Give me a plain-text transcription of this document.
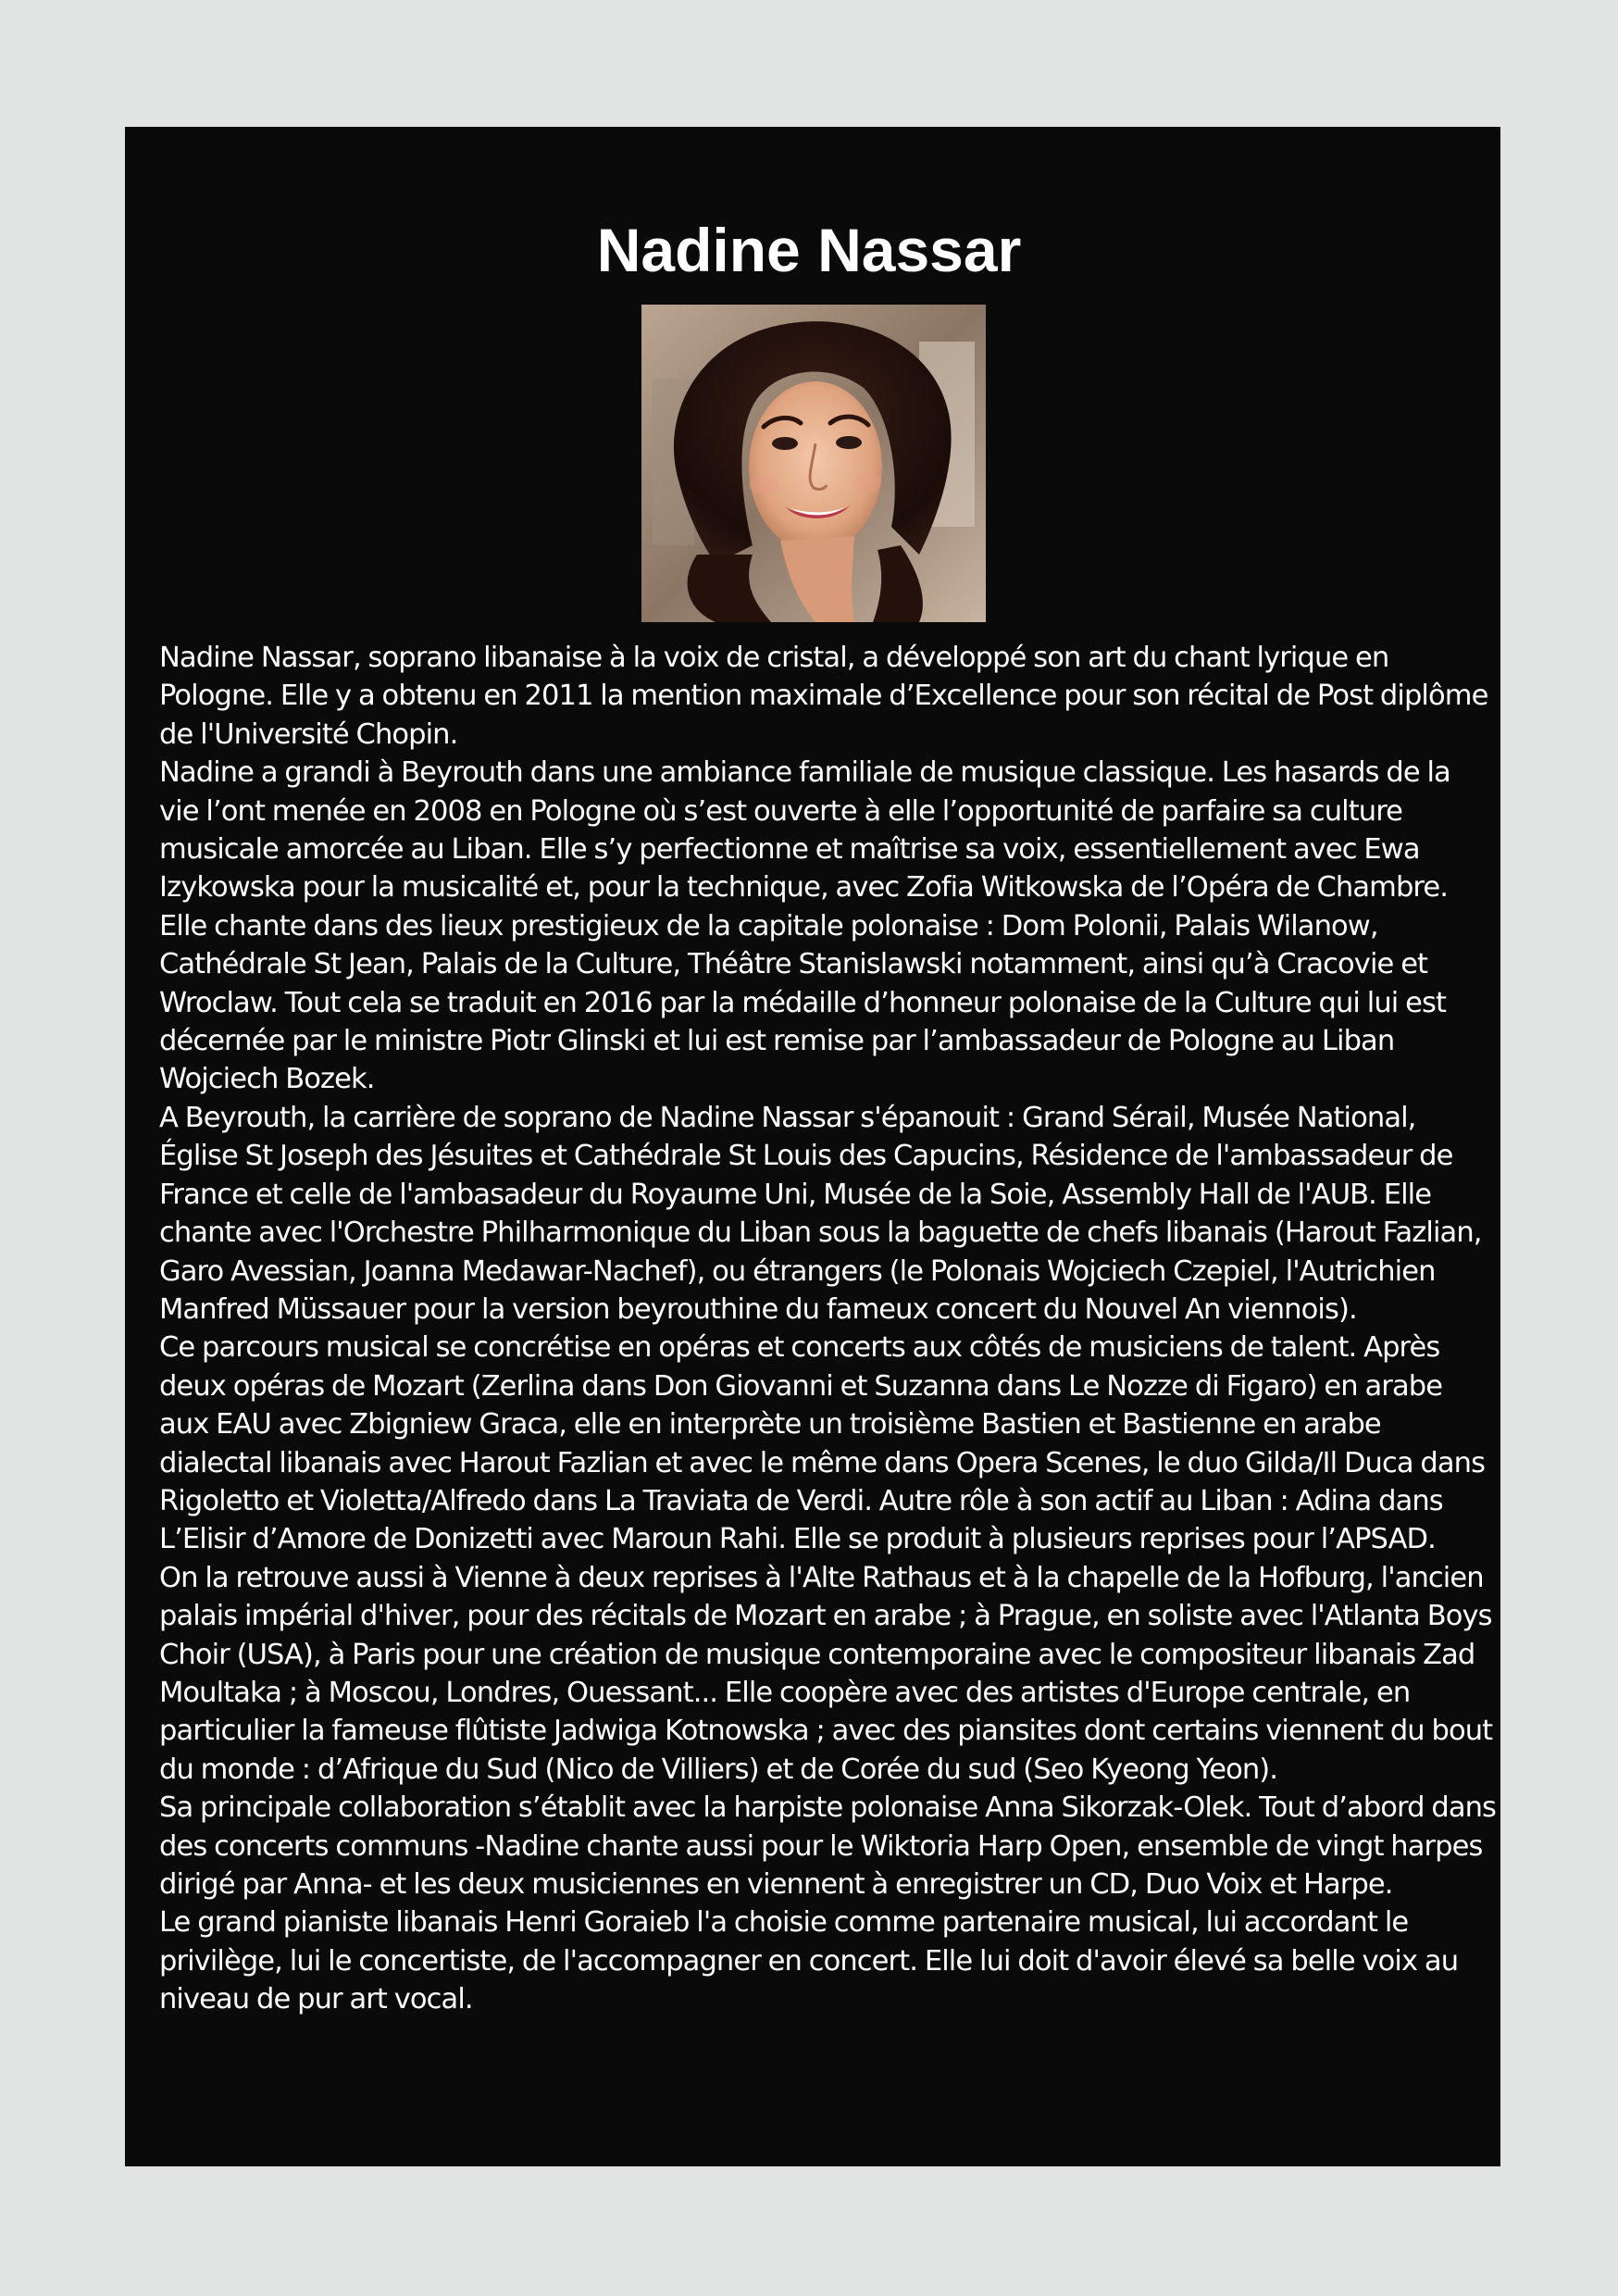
Nadine Nassar

Nadine Nassar, soprano libanaise à la voix de cristal, a développé son art du chant lyrique en Pologne. Elle y a obtenu en 2011 la mention maximale d’Excellence pour son récital de Post diplôme de l'Université Chopin.

Nadine a grandi à Beyrouth dans une ambiance familiale de musique classique. Les hasards de la vie l’ont menée en 2008 en Pologne où s’est ouverte à elle l’opportunité de parfaire sa culture musicale amorcée au Liban. Elle s’y perfectionne et maîtrise sa voix, essentiellement avec Ewa Izykowska pour la musicalité et, pour la technique, avec Zofia Witkowska de l’Opéra de Chambre. Elle chante dans des lieux prestigieux de la capitale polonaise : Dom Polonii, Palais Wilanow, Cathédrale St Jean, Palais de la Culture, Théâtre Stanislawski notamment, ainsi qu’à Cracovie et Wroclaw. Tout cela se traduit en 2016 par la médaille d’honneur polonaise de la Culture qui lui est décernée par le ministre Piotr Glinski et lui est remise par l’ambassadeur de Pologne au Liban Wojciech Bozek.

A Beyrouth, la carrière de soprano de Nadine Nassar s'épanouit : Grand Sérail, Musée National, Église St Joseph des Jésuites et Cathédrale St Louis des Capucins, Résidence de l'ambassadeur de France et celle de l'ambasadeur du Royaume Uni, Musée de la Soie, Assembly Hall de l'AUB. Elle chante avec l'Orchestre Philharmonique du Liban sous la baguette de chefs libanais (Harout Fazlian, Garo Avessian, Joanna Medawar-Nachef), ou étrangers (le Polonais Wojciech Czepiel, l'Autrichien Manfred Müssauer pour la version beyrouthine du fameux concert du Nouvel An viennois).

Ce parcours musical se concrétise en opéras et concerts aux côtés de musiciens de talent. Après deux opéras de Mozart (Zerlina dans Don Giovanni et Suzanna dans Le Nozze di Figaro) en arabe aux EAU avec Zbigniew Graca, elle en interprète un troisième Bastien et Bastienne en arabe dialectal libanais avec Harout Fazlian et avec le même dans Opera Scenes, le duo Gilda/Il Duca dans Rigoletto et Violetta/Alfredo dans La Traviata de Verdi. Autre rôle à son actif au Liban : Adina dans L’Elisir d’Amore de Donizetti avec Maroun Rahi. Elle se produit à plusieurs reprises pour l’APSAD.

On la retrouve aussi à Vienne à deux reprises à l'Alte Rathaus et à la chapelle de la Hofburg, l'ancien palais impérial d'hiver, pour des récitals de Mozart en arabe ; à Prague, en soliste avec l'Atlanta Boys Choir (USA), à Paris pour une création de musique contemporaine avec le compositeur libanais Zad Moultaka ; à Moscou, Londres, Ouessant... Elle coopère avec des artistes d'Europe centrale, en particulier la fameuse flûtiste Jadwiga Kotnowska ; avec des piansites dont certains viennent du bout du monde : d’Afrique du Sud (Nico de Villiers) et de Corée du sud (Seo Kyeong Yeon).

Sa principale collaboration s’établit avec la harpiste polonaise Anna Sikorzak-Olek. Tout d’abord dans des concerts communs -Nadine chante aussi pour le Wiktoria Harp Open, ensemble de vingt harpes dirigé par Anna- et les deux musiciennes en viennent à enregistrer un CD, Duo Voix et Harpe.

Le grand pianiste libanais Henri Goraieb l'a choisie comme partenaire musical, lui accordant le privilège, lui le concertiste, de l'accompagner en concert. Elle lui doit d'avoir élevé sa belle voix au niveau de pur art vocal.
